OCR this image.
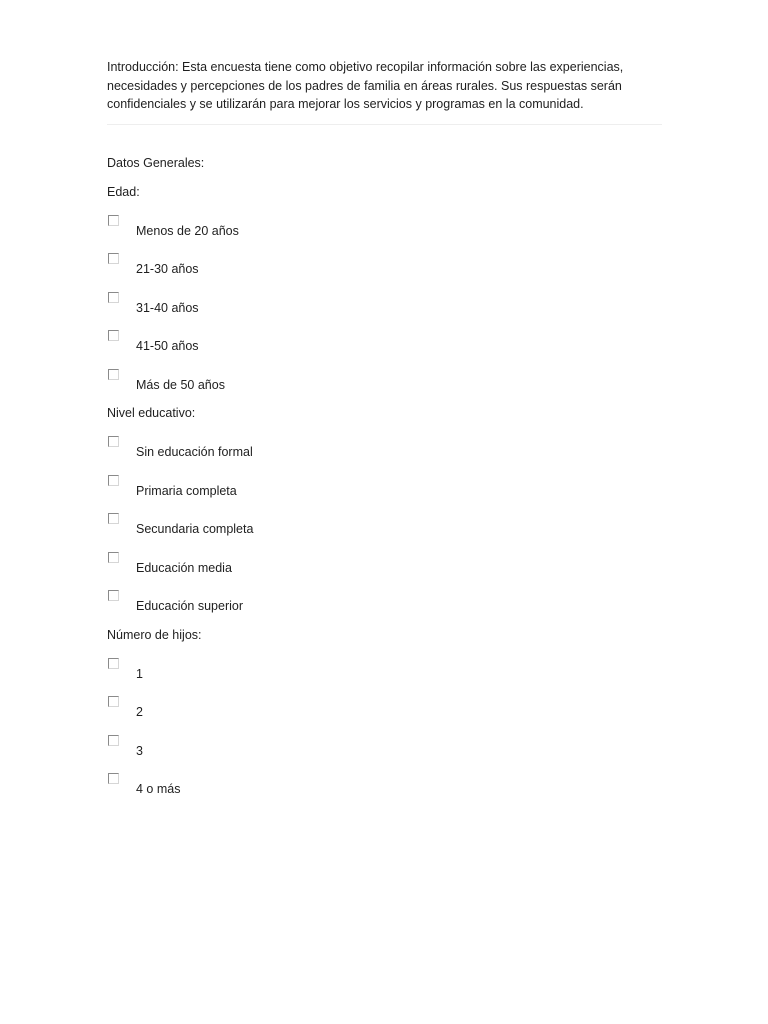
Introducción: Esta encuesta tiene como objetivo recopilar información sobre las experiencias, necesidades y percepciones de los padres de familia en áreas rurales. Sus respuestas serán confidenciales y se utilizarán para mejorar los servicios y programas en la comunidad.

Datos Generales:
Edad:
Menos de 20 años
21-30 años
31-40 años
41-50 años
Más de 50 años
Nivel educativo:
Sin educación formal
Primaria completa
Secundaria completa
Educación media
Educación superior
Número de hijos:
1
2
3
4 o más
